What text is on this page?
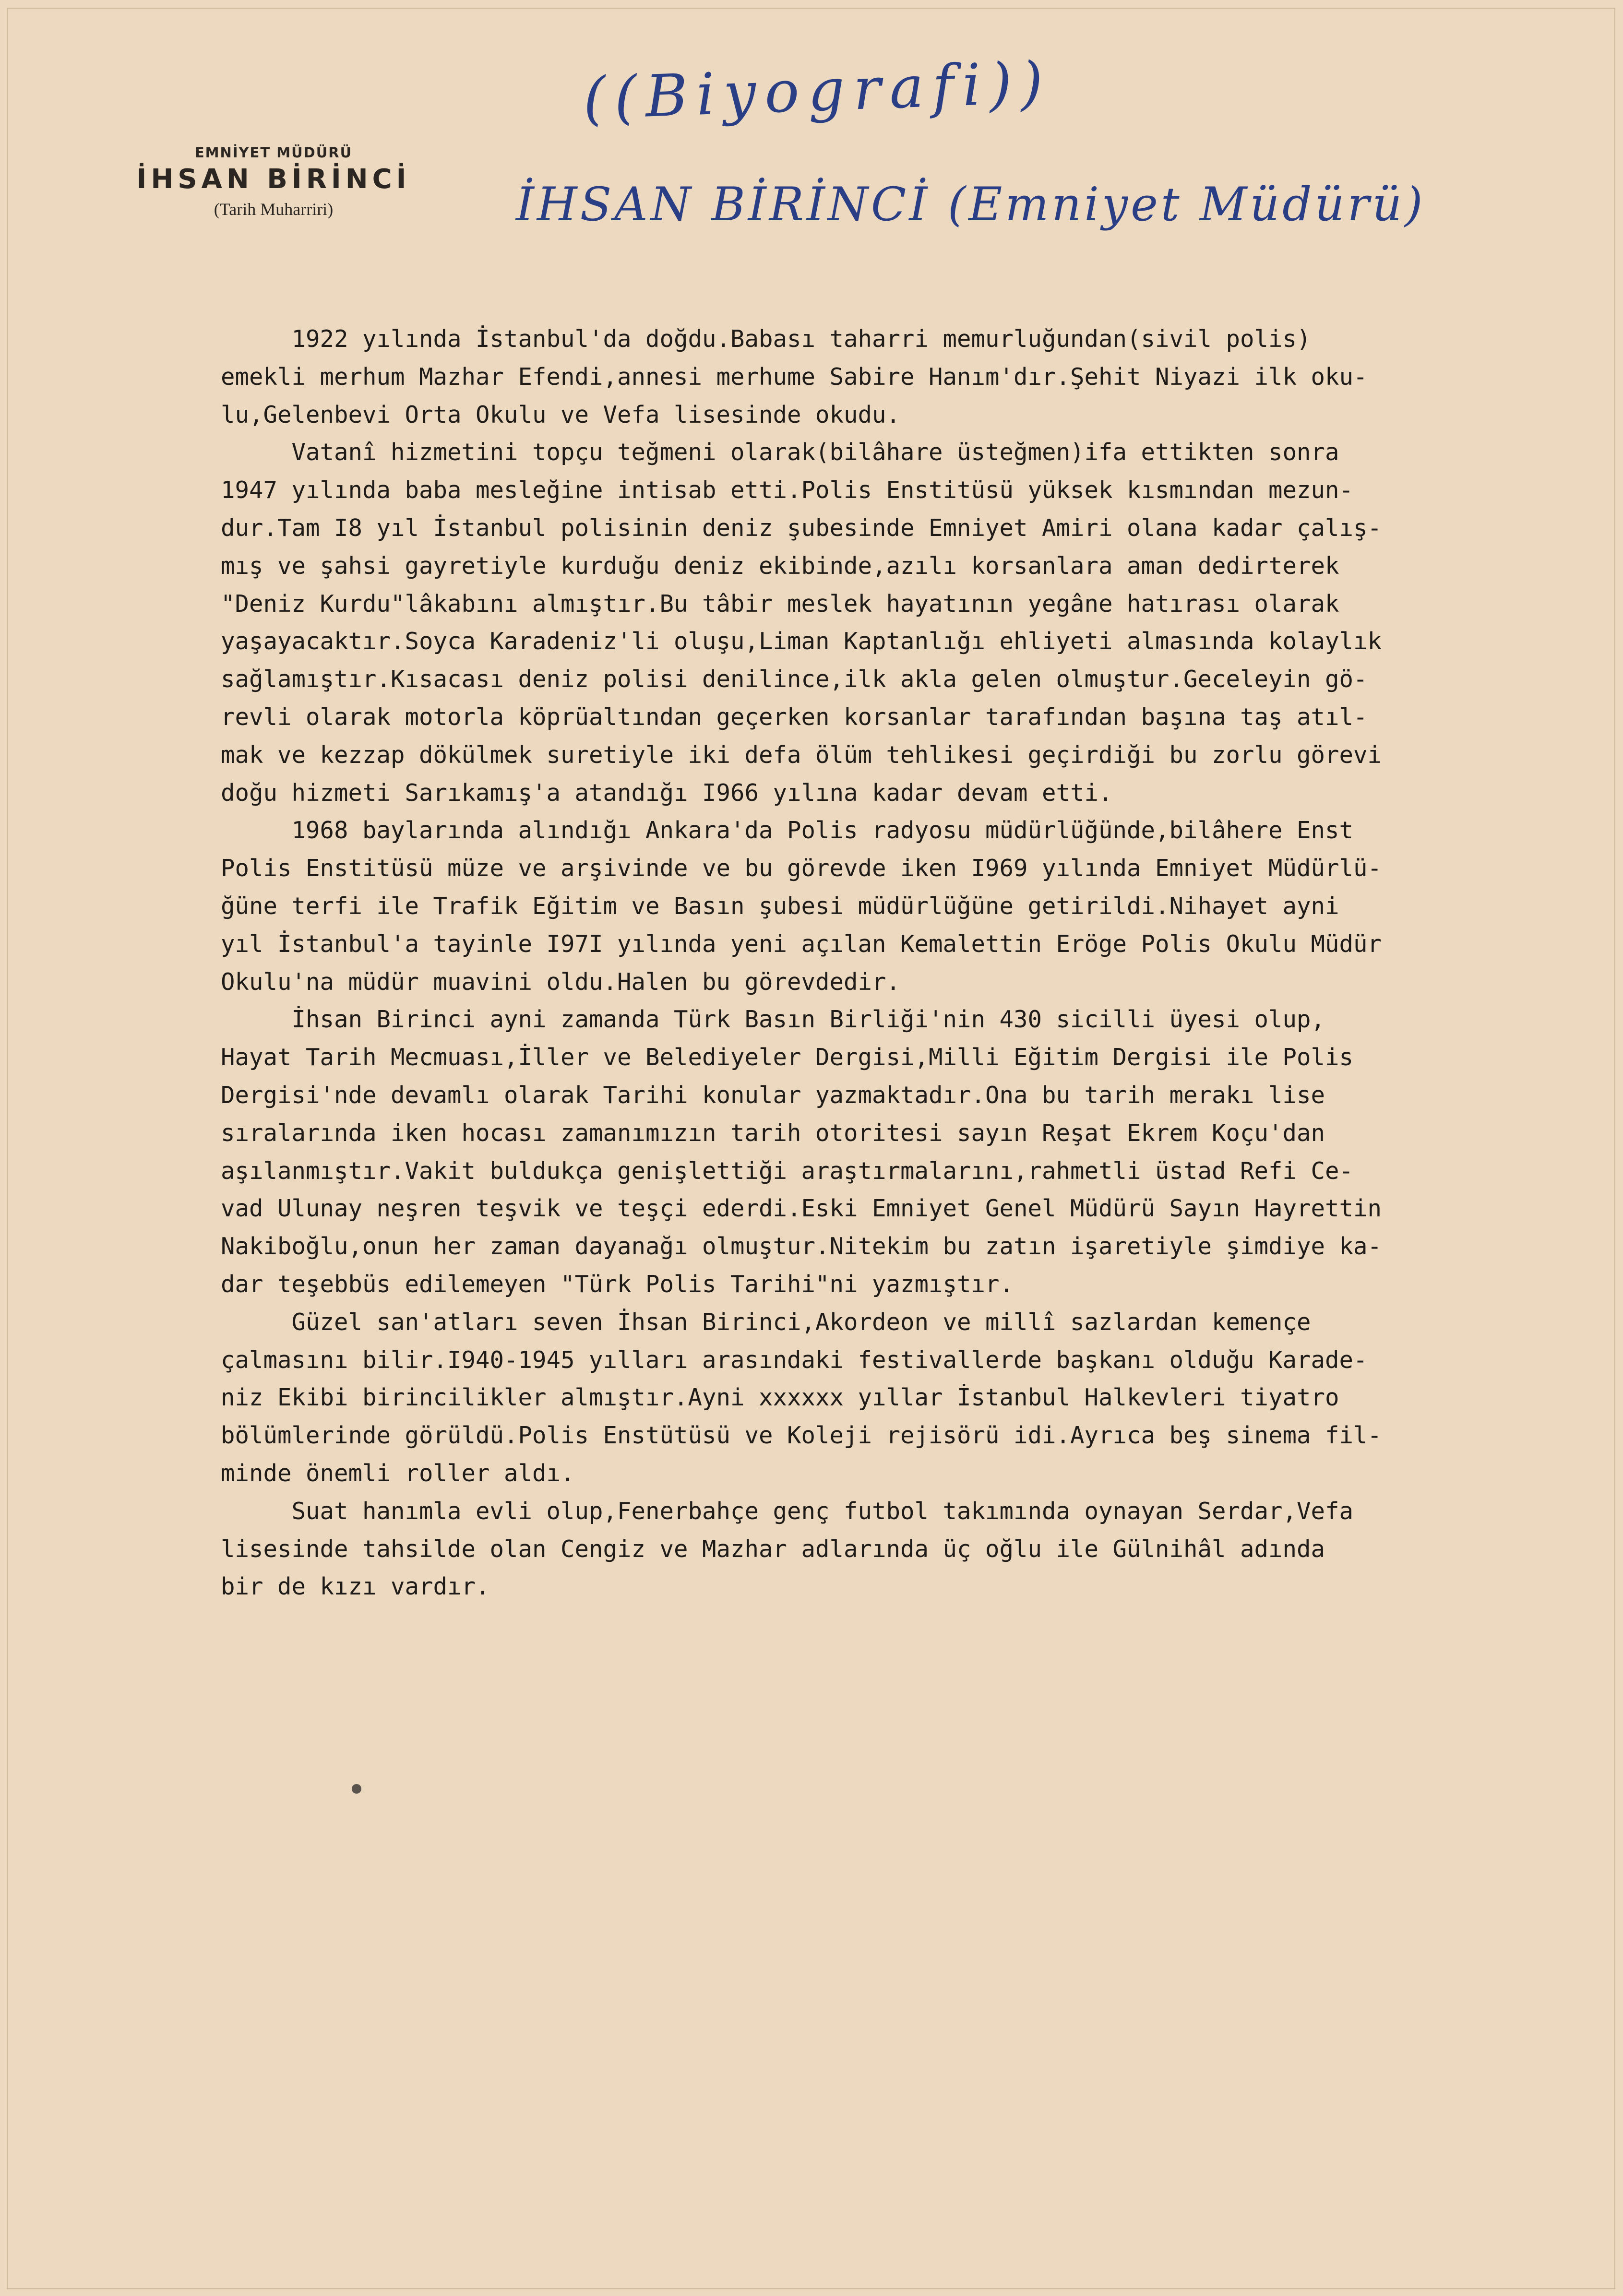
((Biyografi))
İHSAN BİRİNCİ (Emniyet Müdürü)
EMNİYET MÜDÜRÜ
İHSAN BİRİNCİ
(Tarih Muharriri)
1922 yılında İstanbul'da doğdu.Babası taharri memurluğundan(sivil polis)
emekli merhum Mazhar Efendi,annesi merhume Sabire Hanım'dır.Şehit Niyazi ilk oku-
lu,Gelenbevi Orta Okulu ve Vefa lisesinde okudu.
Vatanî hizmetini topçu teğmeni olarak(bilâhare üsteğmen)ifa ettikten sonra
1947 yılında baba mesleğine intisab etti.Polis Enstitüsü yüksek kısmından mezun-
dur.Tam I8 yıl İstanbul polisinin deniz şubesinde Emniyet Amiri olana kadar çalış-
mış ve şahsi gayretiyle kurduğu deniz ekibinde,azılı korsanlara aman dedirterek
"Deniz Kurdu"lâkabını almıştır.Bu tâbir meslek hayatının yegâne hatırası olarak
yaşayacaktır.Soyca Karadeniz'li oluşu,Liman Kaptanlığı ehliyeti almasında kolaylık
sağlamıştır.Kısacası deniz polisi denilince,ilk akla gelen olmuştur.Geceleyin gö-
revli olarak motorla köprüaltından geçerken korsanlar tarafından başına taş atıl-
mak ve kezzap dökülmek suretiyle iki defa ölüm tehlikesi geçirdiği bu zorlu görevi
doğu hizmeti Sarıkamış'a atandığı I966 yılına kadar devam etti.
1968 baylarında alındığı Ankara'da Polis radyosu müdürlüğünde,bilâhere Enst
Polis Enstitüsü müze ve arşivinde ve bu görevde iken I969 yılında Emniyet Müdürlü-
ğüne terfi ile Trafik Eğitim ve Basın şubesi müdürlüğüne getirildi.Nihayet ayni
yıl İstanbul'a tayinle I97I yılında yeni açılan Kemalettin Eröge Polis Okulu Müdür
Okulu'na müdür muavini oldu.Halen bu görevdedir.
İhsan Birinci ayni zamanda Türk Basın Birliği'nin 430 sicilli üyesi olup,
Hayat Tarih Mecmuası,İller ve Belediyeler Dergisi,Milli Eğitim Dergisi ile Polis
Dergisi'nde devamlı olarak Tarihi konular yazmaktadır.Ona bu tarih merakı lise
sıralarında iken hocası zamanımızın tarih otoritesi sayın Reşat Ekrem Koçu'dan
aşılanmıştır.Vakit buldukça genişlettiği araştırmalarını,rahmetli üstad Refi Ce-
vad Ulunay neşren teşvik ve teşçi ederdi.Eski Emniyet Genel Müdürü Sayın Hayrettin
Nakiboğlu,onun her zaman dayanağı olmuştur.Nitekim bu zatın işaretiyle şimdiye ka-
dar teşebbüs edilemeyen "Türk Polis Tarihi"ni yazmıştır.
Güzel san'atları seven İhsan Birinci,Akordeon ve millî sazlardan kemençe
çalmasını bilir.I940-1945 yılları arasındaki festivallerde başkanı olduğu Karade-
niz Ekibi birincilikler almıştır.Ayni xxxxxx yıllar İstanbul Halkevleri tiyatro
bölümlerinde görüldü.Polis Enstütüsü ve Koleji rejisörü idi.Ayrıca beş sinema fil-
minde önemli roller aldı.
Suat hanımla evli olup,Fenerbahçe genç futbol takımında oynayan Serdar,Vefa
lisesinde tahsilde olan Cengiz ve Mazhar adlarında üç oğlu ile Gülnihâl adında
bir de kızı vardır.
